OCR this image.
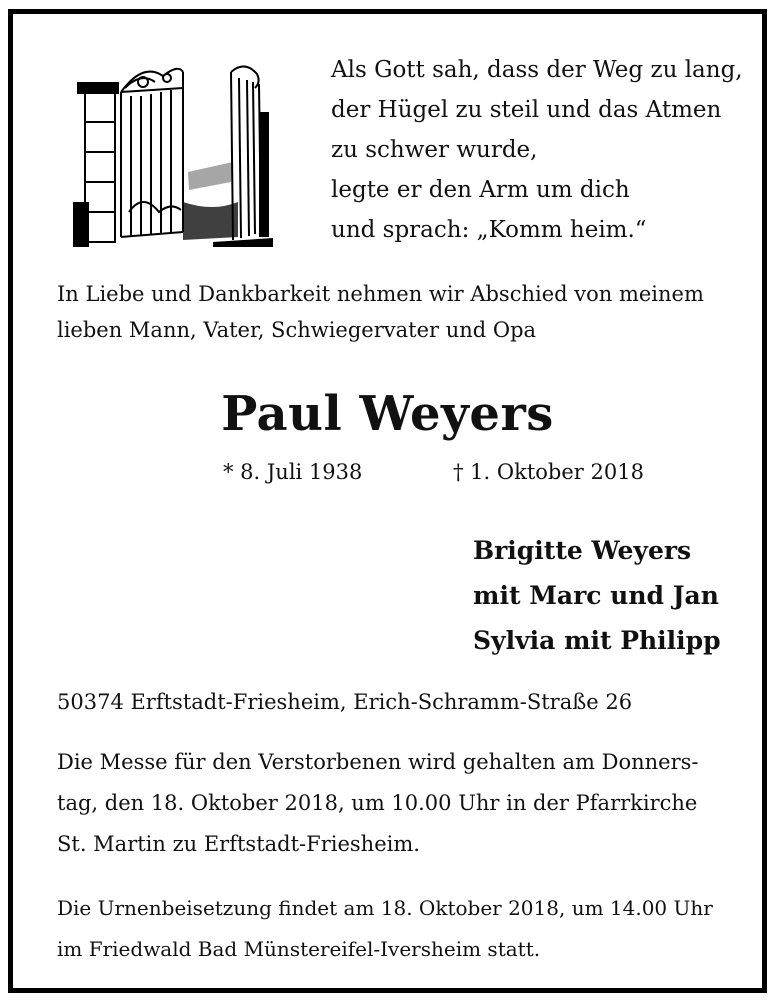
Als Gott sah, dass der Weg zu lang,
der Hügel zu steil und das Atmen
zu schwer wurde,
legte er den Arm um dich
und sprach: „Komm heim.“

In Liebe und Dankbarkeit nehmen wir Abschied von meinem
lieben Mann, Vater, Schwiegervater und Opa

Paul Weyers
* 8. Juli 1938	† 1. Oktober 2018
Brigitte Weyers
mit Marc und Jan
Sylvia mit Philipp

50374 Erftstadt-Friesheim, Erich-Schramm-Straße 26

Die Messe für den Verstorbenen wird gehalten am Donners-
tag, den 18. Oktober 2018, um 10.00 Uhr in der Pfarrkirche
St. Martin zu Erftstadt-Friesheim.

Die Urnenbeisetzung findet am 18. Oktober 2018, um 14.00 Uhr
im Friedwald Bad Münstereifel-Iversheim statt.
